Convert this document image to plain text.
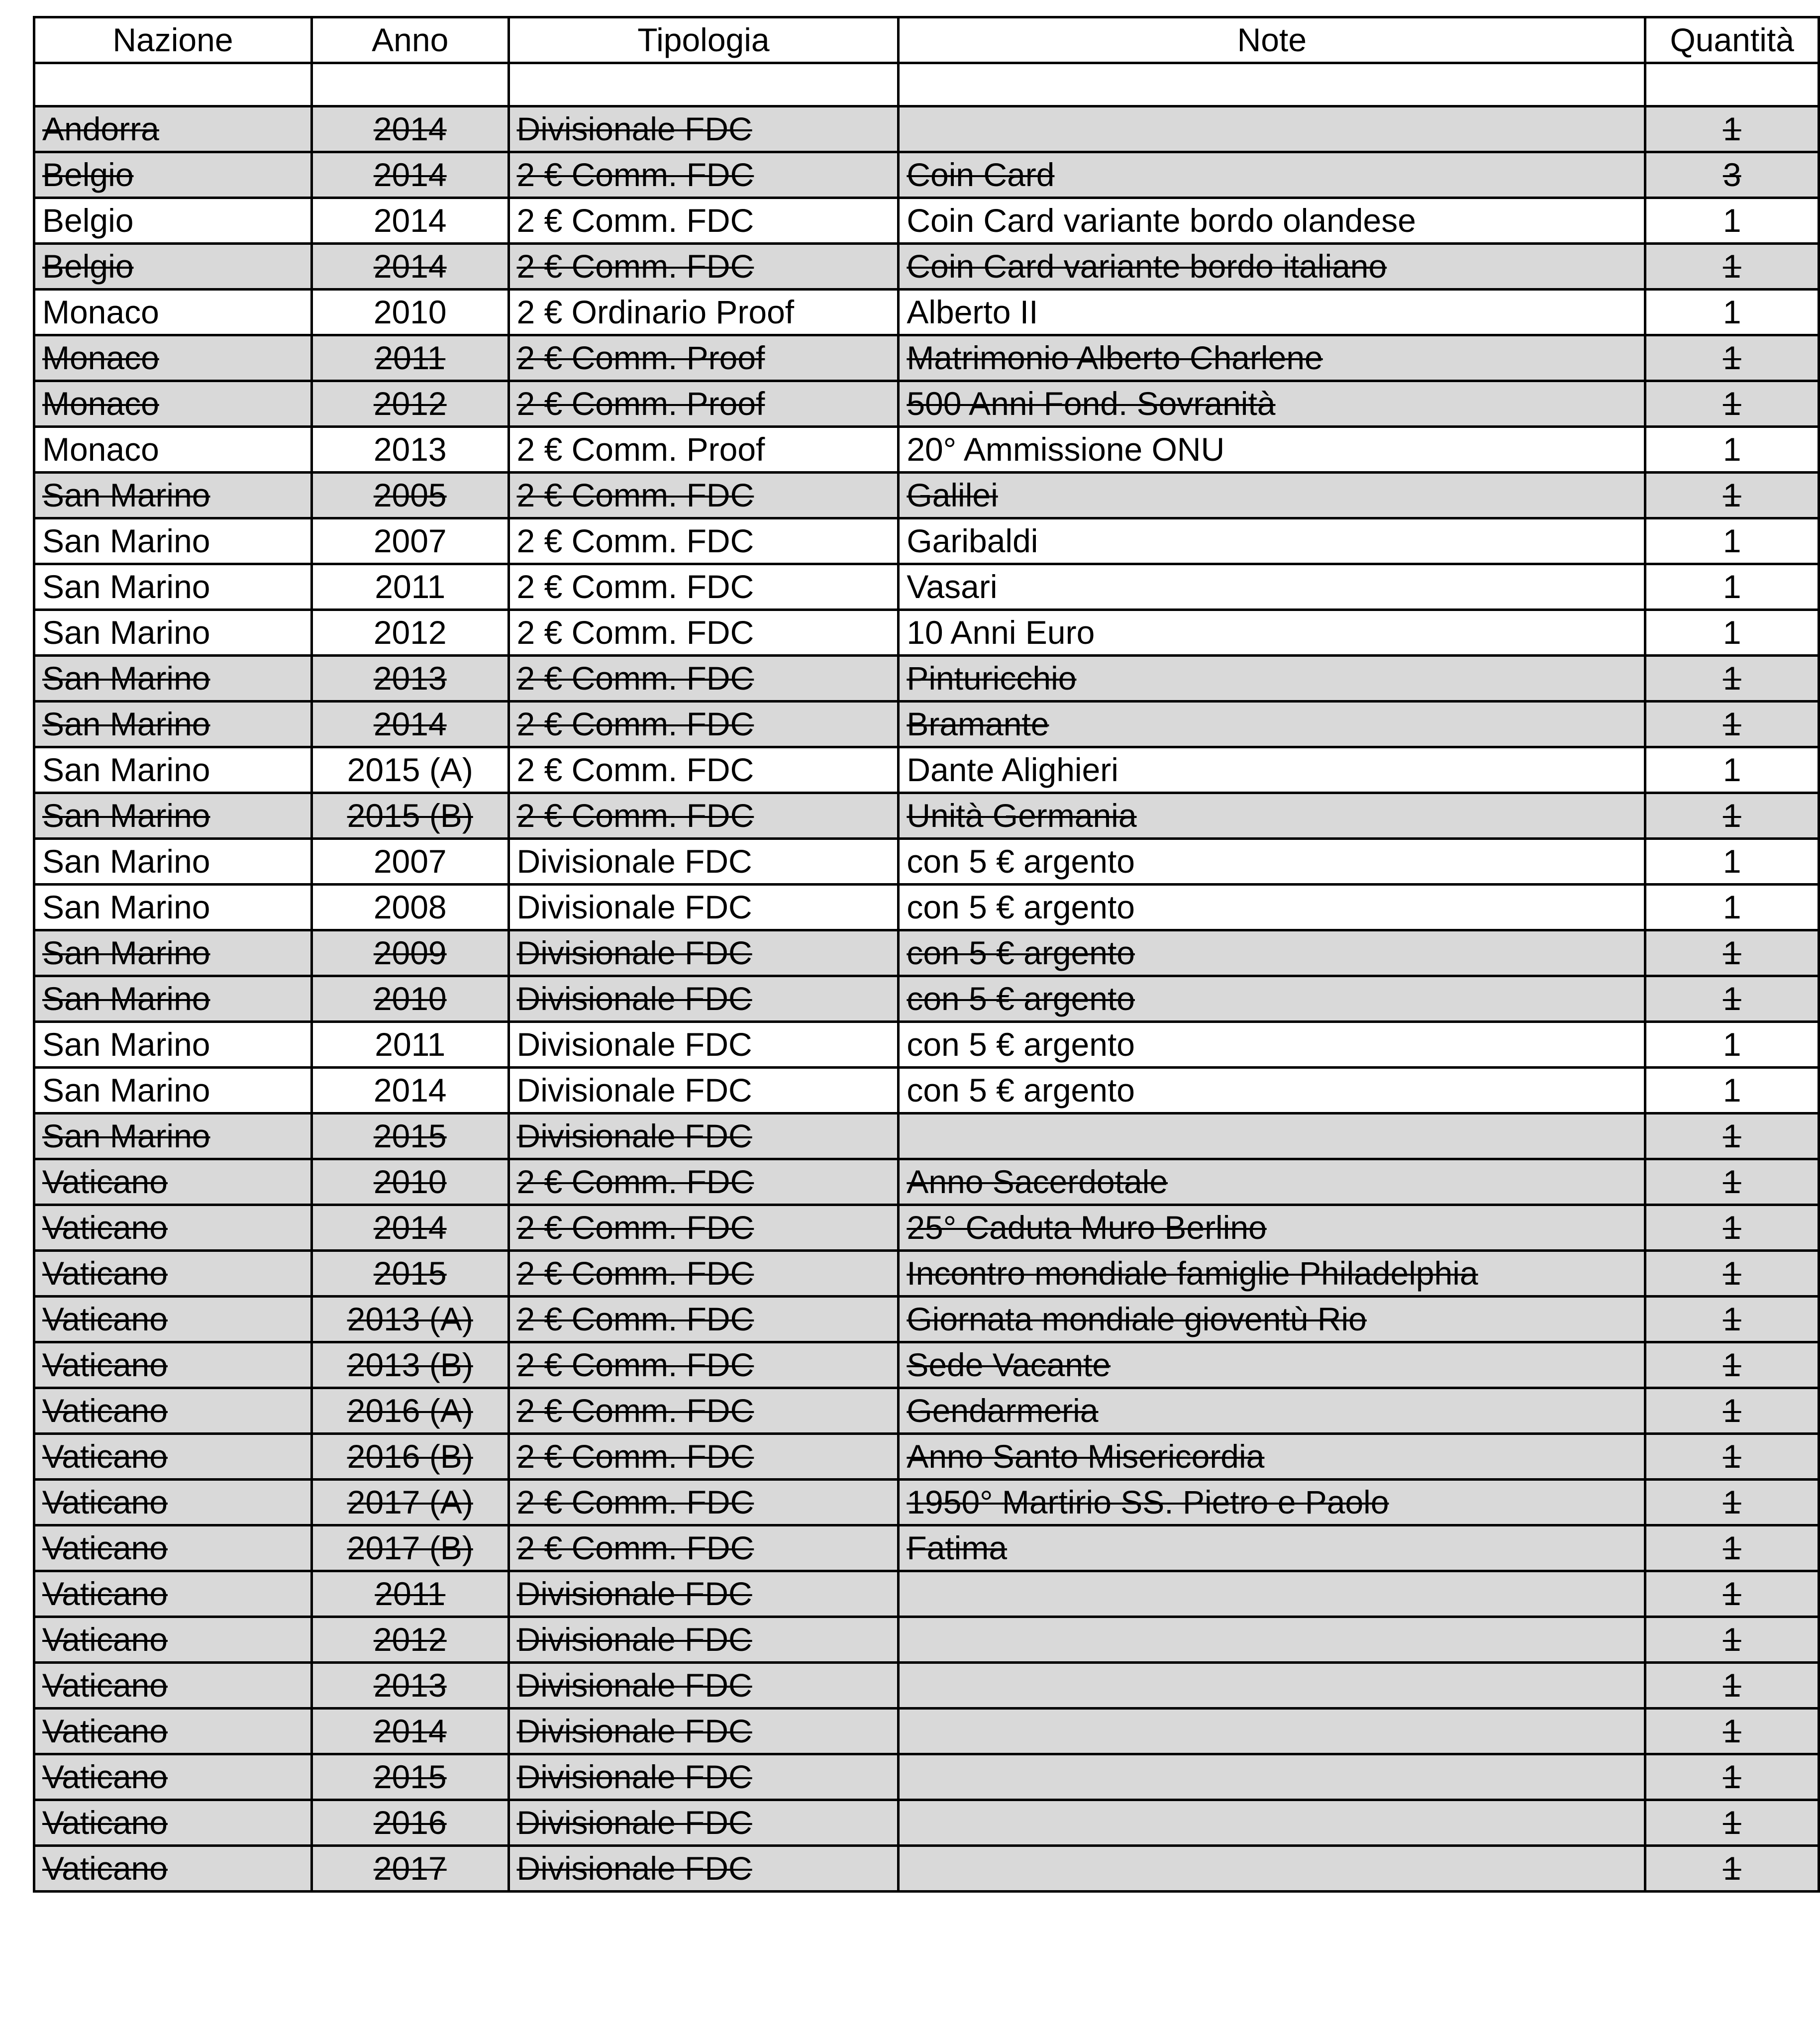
Nazione	Anno	Tipologia	Note	Quantità

Andorra	2014	Divisionale FDC		1
Belgio	2014	2 € Comm. FDC	Coin Card	3
Belgio	2014	2 € Comm. FDC	Coin Card variante bordo olandese	1
Belgio	2014	2 € Comm. FDC	Coin Card variante bordo italiano	1
Monaco	2010	2 € Ordinario Proof	Alberto II	1
Monaco	2011	2 € Comm. Proof	Matrimonio Alberto Charlene	1
Monaco	2012	2 € Comm. Proof	500 Anni Fond. Sovranità	1
Monaco	2013	2 € Comm. Proof	20° Ammissione ONU	1
San Marino	2005	2 € Comm. FDC	Galilei	1
San Marino	2007	2 € Comm. FDC	Garibaldi	1
San Marino	2011	2 € Comm. FDC	Vasari	1
San Marino	2012	2 € Comm. FDC	10 Anni Euro	1
San Marino	2013	2 € Comm. FDC	Pinturicchio	1
San Marino	2014	2 € Comm. FDC	Bramante	1
San Marino	2015 (A)	2 € Comm. FDC	Dante Alighieri	1
San Marino	2015 (B)	2 € Comm. FDC	Unità Germania	1
San Marino	2007	Divisionale FDC	con 5 € argento	1
San Marino	2008	Divisionale FDC	con 5 € argento	1
San Marino	2009	Divisionale FDC	con 5 € argento	1
San Marino	2010	Divisionale FDC	con 5 € argento	1
San Marino	2011	Divisionale FDC	con 5 € argento	1
San Marino	2014	Divisionale FDC	con 5 € argento	1
San Marino	2015	Divisionale FDC		1
Vaticano	2010	2 € Comm. FDC	Anno Sacerdotale	1
Vaticano	2014	2 € Comm. FDC	25° Caduta Muro Berlino	1
Vaticano	2015	2 € Comm. FDC	Incontro mondiale famiglie Philadelphia	1
Vaticano	2013 (A)	2 € Comm. FDC	Giornata mondiale gioventù Rio	1
Vaticano	2013 (B)	2 € Comm. FDC	Sede Vacante	1
Vaticano	2016 (A)	2 € Comm. FDC	Gendarmeria	1
Vaticano	2016 (B)	2 € Comm. FDC	Anno Santo Misericordia	1
Vaticano	2017 (A)	2 € Comm. FDC	1950° Martirio SS. Pietro e Paolo	1
Vaticano	2017 (B)	2 € Comm. FDC	Fatima	1
Vaticano	2011	Divisionale FDC		1
Vaticano	2012	Divisionale FDC		1
Vaticano	2013	Divisionale FDC		1
Vaticano	2014	Divisionale FDC		1
Vaticano	2015	Divisionale FDC		1
Vaticano	2016	Divisionale FDC		1
Vaticano	2017	Divisionale FDC		1
